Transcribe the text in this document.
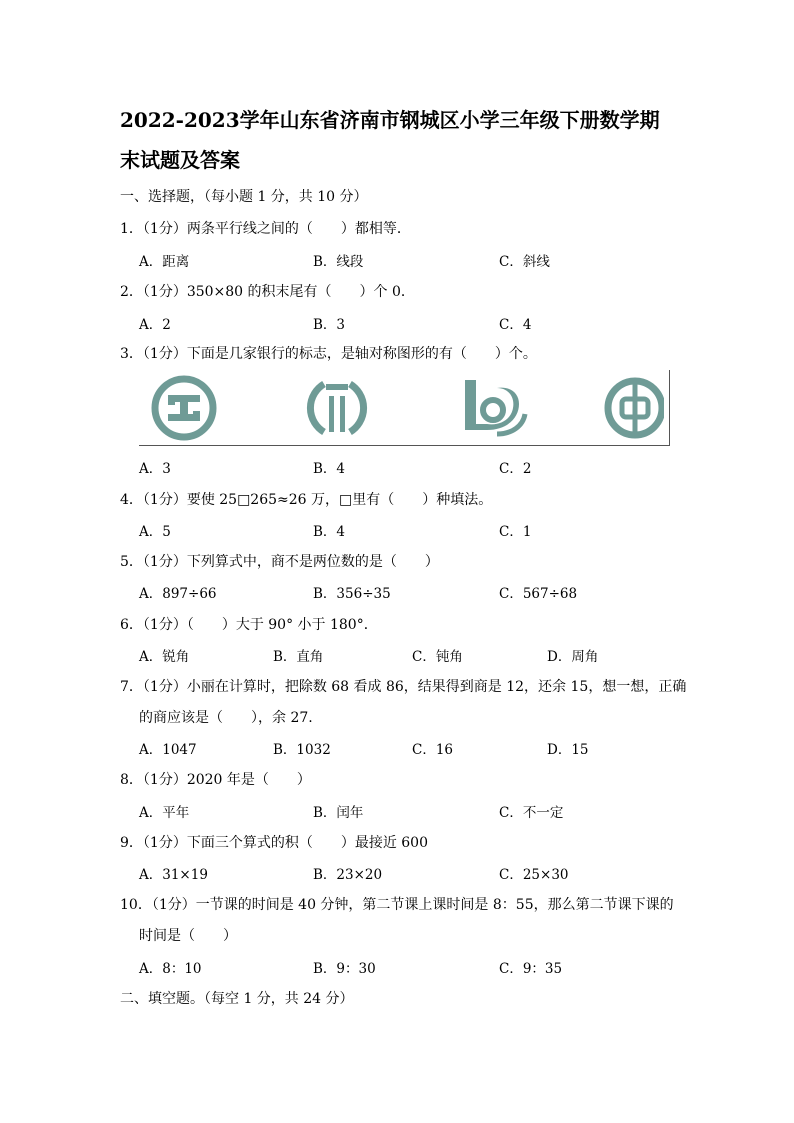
2022-2023学年山东省济南市钢城区小学三年级下册数学期
末试题及答案
一、选择题，（每小题 1 分，共 10 分）
1．（1分）两条平行线之间的（　　）都相等．
A．距离	B．线段	C．斜线
2．（1分）350×80 的积末尾有（　　）个 0．
A．2	B．3	C．4
3．（1分）下面是几家银行的标志，是轴对称图形的有（　　）个。
A．3	B．4	C．2
4．（1分）要使 25□265≈26 万，□里有（　　）种填法。
A．5	B．4	C．1
5．（1分）下列算式中，商不是两位数的是（　　）
A．897÷66	B．356÷35	C．567÷68
6．（1分）（　　）大于 90° 小于 180°．
A．锐角	B．直角	C．钝角	D．周角
7．（1分）小丽在计算时，把除数 68 看成 86，结果得到商是 12，还余 15，想一想，正确
的商应该是（　　），余 27.
A．1047	B．1032	C．16	D．15
8．（1分）2020 年是（　　）
A．平年	B．闰年	C．不一定
9．（1分）下面三个算式的积（　　）最接近 600
A．31×19	B．23×20	C．25×30
10．（1分）一节课的时间是 40 分钟，第二节课上课时间是 8：55，那么第二节课下课的
时间是（　　）
A．8：10	B．9：30	C．9：35
二、填空题。（每空 1 分，共 24 分）
